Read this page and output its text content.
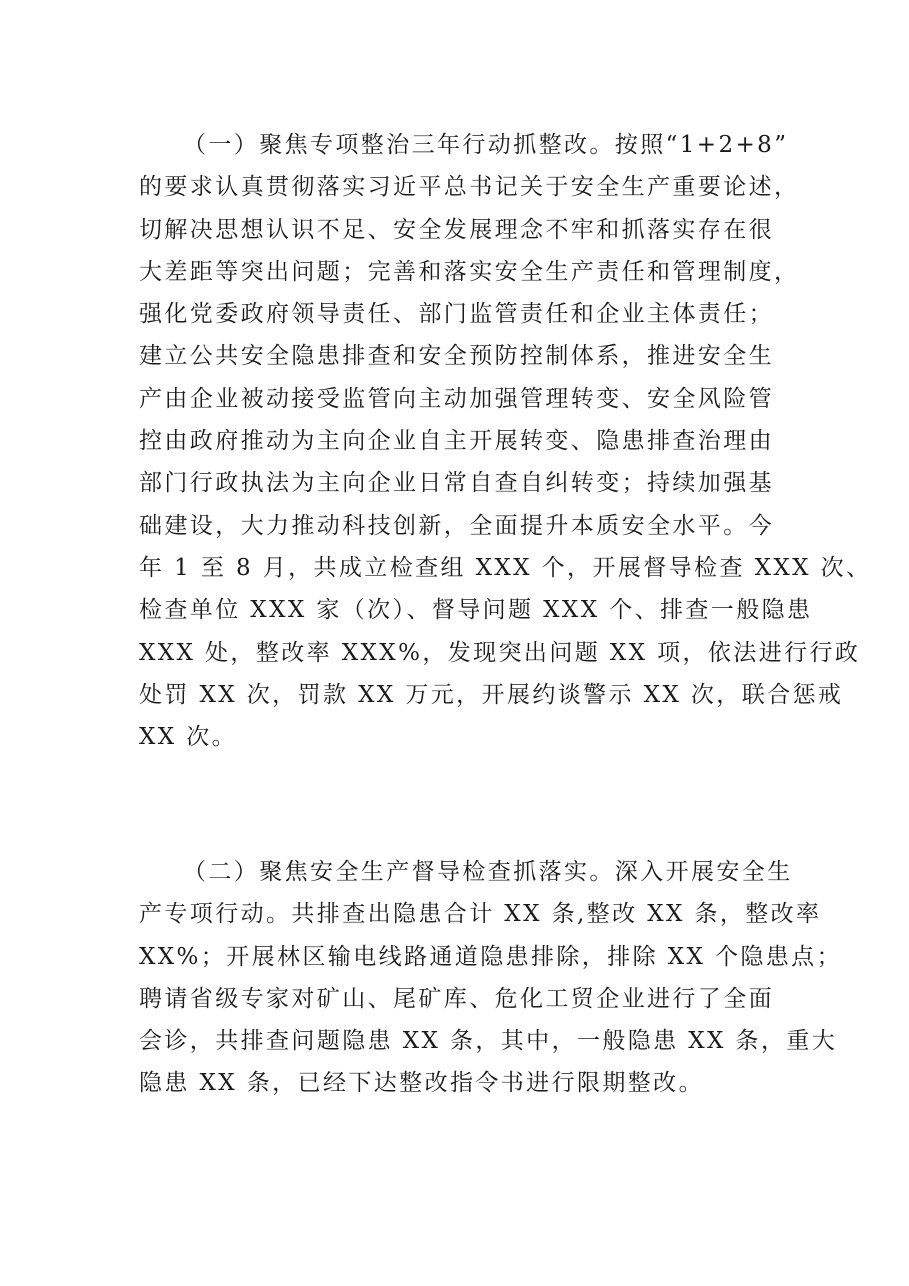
（一）聚焦专项整治三年行动抓整改。按照“1+2+8”
的要求认真贯彻落实习近平总书记关于安全生产重要论述，
切解决思想认识不足、安全发展理念不牢和抓落实存在很
大差距等突出问题；完善和落实安全生产责任和管理制度，
强化党委政府领导责任、部门监管责任和企业主体责任；
建立公共安全隐患排查和安全预防控制体系，推进安全生
产由企业被动接受监管向主动加强管理转变、安全风险管
控由政府推动为主向企业自主开展转变、隐患排查治理由
部门行政执法为主向企业日常自查自纠转变；持续加强基
础建设，大力推动科技创新，全面提升本质安全水平。今
年 1 至 8 月，共成立检查组 XXX 个，开展督导检查 XXX 次、
检查单位 XXX 家（次）、督导问题 XXX 个、排查一般隐患
XXX 处，整改率 XXX%，发现突出问题 XX 项，依法进行行政
处罚 XX 次，罚款 XX 万元，开展约谈警示 XX 次，联合惩戒
XX 次。
（二）聚焦安全生产督导检查抓落实。深入开展安全生
产专项行动。共排查出隐患合计 XX 条,整改 XX 条，整改率
XX%；开展林区输电线路通道隐患排除，排除 XX 个隐患点；
聘请省级专家对矿山、尾矿库、危化工贸企业进行了全面
会诊，共排查问题隐患 XX 条，其中，一般隐患 XX 条，重大
隐患 XX 条，已经下达整改指令书进行限期整改。
